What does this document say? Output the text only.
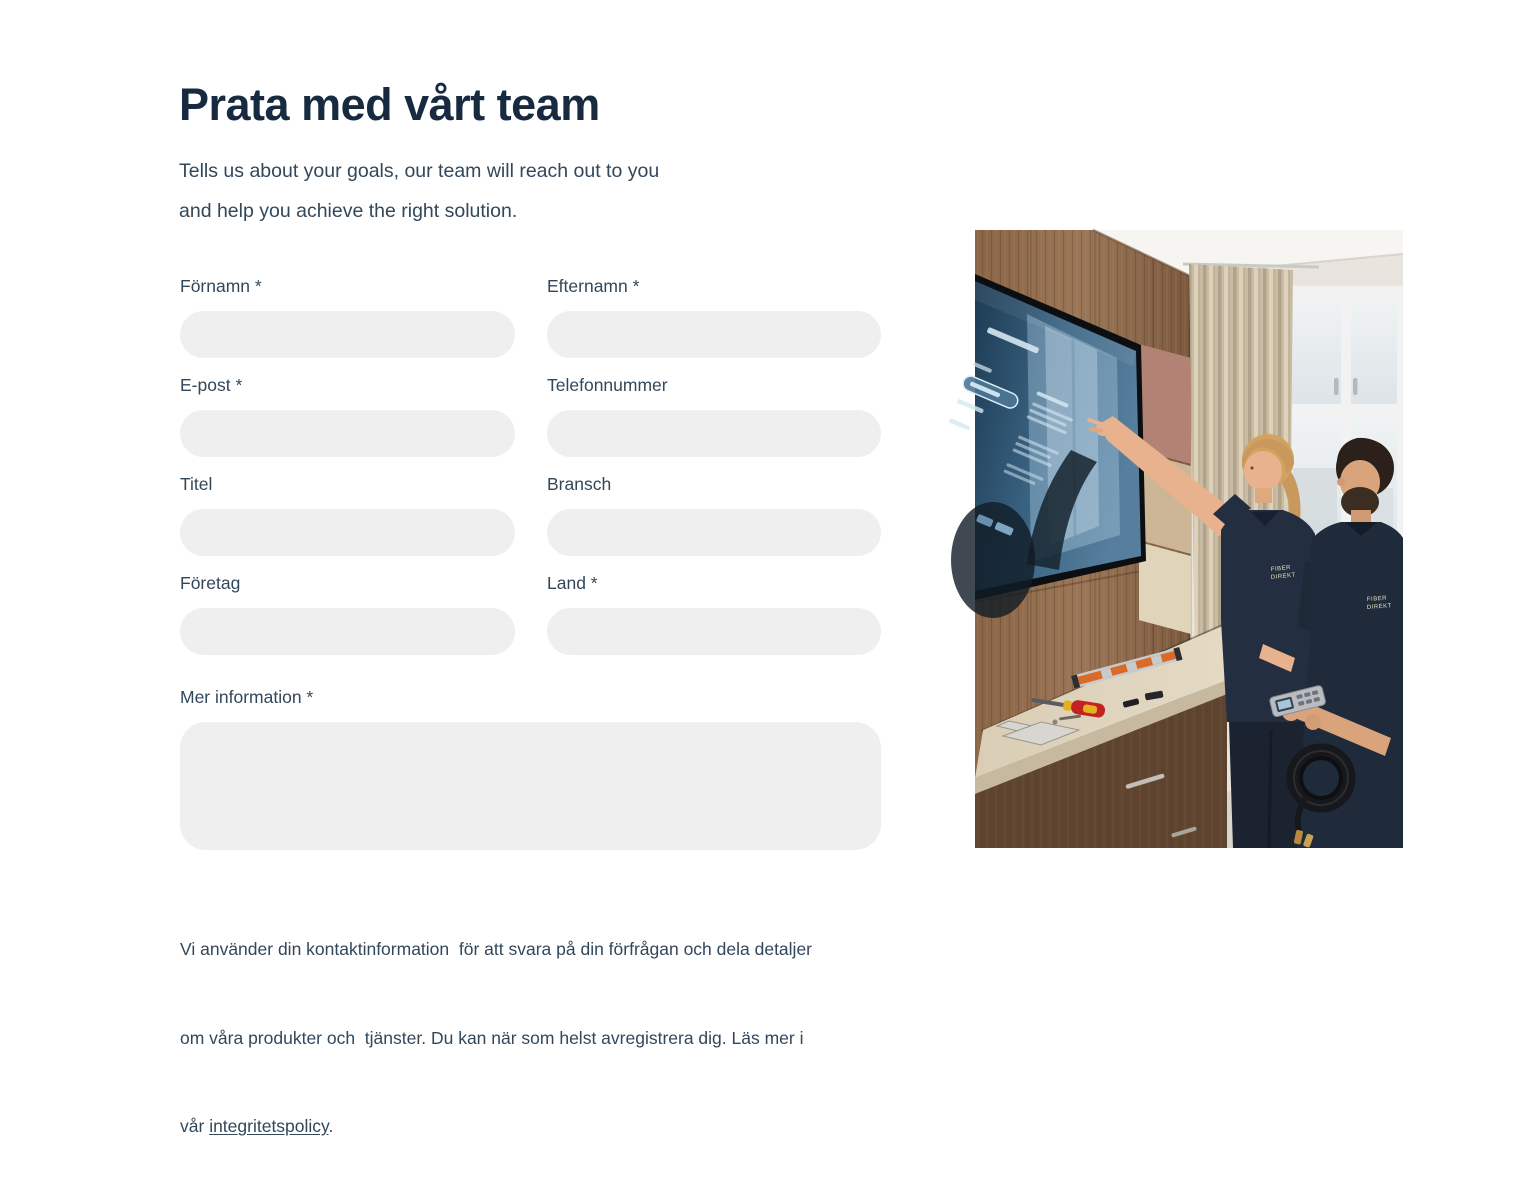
Prata med vårt team
Tells us about your goals, our team will reach out to you
and help you achieve the right solution.
Förnamn *	Efternamn *
E-post *	Telefonnummer
Titel	Bransch
Företag	Land *
Mer information *

Vi använder din kontaktinformation  för att svara på din förfrågan och dela detaljer

om våra produkter och  tjänster. Du kan när som helst avregistrera dig. Läs mer i

vår integritetspolicy.

FIBER
DIREKT
FIBER
DIREKT
